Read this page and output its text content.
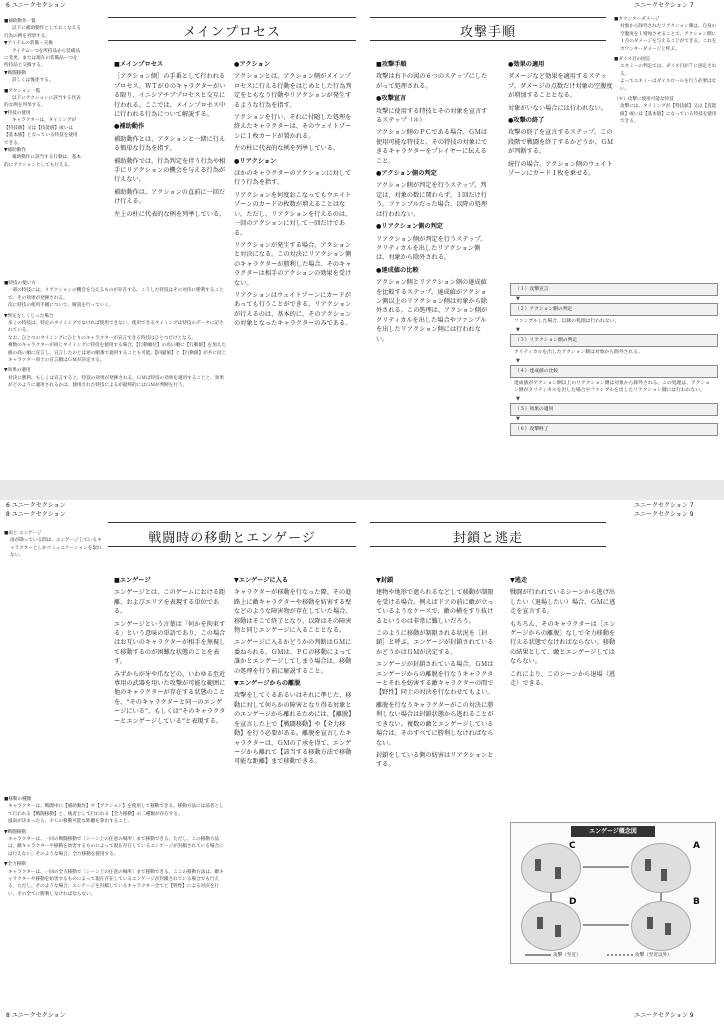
6 ユニークセクション
メインプロセス

■補助動作一覧

以下に補助動作としておこなえる

行為の例を列挙する。

▼アイテムの装備・交換

アイテムーつを所持品から装備品

に変更、または現在の装備品ーつを

所持品と交換する。

▼戦闘移動

詳しくは後述する。

■アクション一覧

以下にアクションに該当する代表

的な例を列挙する。

▼特技の使用

キャラクターは、タイミングが

【特技値】又は【技能値】或いは

【基本値】となっている特技を使用

できる。

▼補助動作

補助動作に該当する行動は、基本

的にアクションとしても行える。

■メインプロセス

［アクション側］の手番として行われるプロセス。ＷＴが０のキャラクターがいる限り、イニシアチブプロセスと交互に行われる。ここでは、メインプロセス中に行われる行為について解説する。

●補助動作

補助動作とは、アクションと一緒に行える簡単な行為を指す。

補助動作では、行為判定を伴う行為や相手にリアクションの機会を与える行為が行えない。

補助動作は、アクションの直前に一回だけ行える。

左上の柱に代表的な例を列挙している。

●アクション

アクションとは、アクション側がメインプロセスに行える行動をはじめとした行為判定をともなう行動やリアクションが発生するような行為を指す。

アクションを行い、それに付随した処理を終えたキャラクターは、そのウェイトゾーンに１枚カードが置かれる。

左の柱に代表的な例を列挙している。

●リアクション

ほかのキャラクターのアクションに対して行う行為を指す。

リアクションを何度おこなってもウエイトゾーンのカードの枚数が増えることはない。ただし、リアクションを行えるのは、一回のアクションに対して一回だけである。

リアクションが発生する場合、アクションと対決になる。この対決にリアクション側のキャラクターが勝利した場合、そのキャラクターは相手のアクションの効果を受けない。

リアクションはウェイトゾーンにカードがあっても行うことができる。リアクションが行えるのは、基本的に、そのアクションの対象となったキャラクターのみである。

■特技の使い方

一部の特技には、リアクションの機会を与えるものが存在する。こうした特技はその対決に勝利することで、その効果が発揮される。

次に特技の使用手順について、解説を行っていく。

▼判定をしくじった場合

多くの特技は、特定のタイミングでなければ使用できない。使用できるタイミングは特技のデータに記されている。

なお、ひとつのタイミングにひとりのキャラクターが宣言できる特技はひとつだけとなる。

複数のキャラクターが同じタイミングに特技を使用する場合、【行動順位】の高い順に【行動値】を加えた値の高い順に宣言し、宣言したのとは逆の順番で適用することも可能。【回避値】と【行動値】が共に同じキャラクター同士の宣言順はＧＭが決定する。

▼効果の適用

対決に勝利、もしくは宣言すると、特技の効果が発揮される。ＧＭは特技の効果を適用することと、効果がどのように適用されるかは、使用された特技によるが最終的にはＧＭが判断を行う。

ユニークセクション 7
攻撃手順

■攻撃手順

攻撃は右下の図の６つのステップにしたがって処理される。

●攻撃宣言

攻撃に使用する特技とその対象を宣言するステップ（＊）

アクション側のＰＣである場合、ＧＭは使用可能な特技と、その特技の対象にできるキャラクターをプレイヤーに伝えること。

●アクション側の判定

アクション側が判定を行うステップ。判定は、対象の数に関わらず、１回だけ行う。ファンブルだった場合、以降の処理は行われない。

●リアクション側の判定

リアクション側が判定を行うステップ。クリティカルを出したリアクション側は、対象から除外される。

●達成値の比較

アクション側とリアクション側の達成値を比較するステップ。達成値がアクション側以上のリアクション側は対象から除外される。この処理は、アクション側がクリティカルを出した場合やファンブルを出したリアクション側には行われない。

●効果の適用

ダメージなど効果を適用するステップ。ダメージの点数だけ対象の空腹度が増加することとなる。

対象がいない場合には行われない。

●攻撃の終了

攻撃の終了を宣言するステップ。この段階で戦闘を終了するかどうか、ＧＭが判断する。

続行の場合、アクション側のウェイトゾーンにカード１枚を乗せる。

■カウンターダメージ

対象から除外されたリアクション側は、自身の空腹度を１増加させることで、アクション側に１点のダメージを与えることができる。これをカウンターダメージと呼ぶ。

■ダイス目の固定

エネミーの判定では、ダイス目が７に固定される。

よってエネミーはダイスロールを行う必要はない。

（＊）攻撃に使用可能な特技

攻撃には、タイミングが【特技値】又は【技能値】或いは【基本値】になっている特技を使用できる。

（１）攻撃宣言
▼
（２）アクション側の判定
ファンブルした場合、以降の処理は行われない。
▼
（３）リアクション側の判定
クリティカルを出したアクション側は対象から除外される。
▼
（４）達成値の比較
達成値がアクション側以上のリアクション側は対象から除外される。この処理は、アクション側がクリティカルを出した場合やファンブルを出したリアクション側には行われない。
▼
（５）効果の適用
▼
（６）攻撃終了
6 ユニークセクション
8 ユニークセクション
戦闘時の移動とエンゲージ

■雨と エンゲージ

雨が降っている間は、エンゲージしているキャラクターとしかコミュニケーションを取れない。

■エンゲージ

エンゲージとは、このゲームにおける距離、およびエリアを表現する単位である。

エンゲージという言葉は「何かを拘束する」という意味の単語であり、この場合はお互いのキャラクターが相手を無視して移動するのが困難な状態のことを表す。

みずからが牙や爪などの、いわゆる至近専用の武器を用いた攻撃が可能な範囲に他のキャラクターが存在する状態のことを、“そのキャラクターと同一のエンゲージにいる”、もしくは“そのキャラクターとエンゲージしている”と表現する。

▼エンゲージに入る

キャラクターが移動を行なった際、その進路上に敵キャラクターや移動を妨害する壁などのような障害物が存在していた場合、移動はそこで終了となり、以降はその障害物と同じエンゲージに入ることとなる。

エンゲージに入るかどうかの判断はＧＭに委ねられる。ＧＭは、ＰＣの移動によって誰かとエンゲージしてしまう場合は、移動の処理を行う前に解説すること。

▼エンゲージからの離脱

攻撃をしてくるあるいはそれに準じた、移動に対して何らかの障害となり得る対象とのエンゲージから離れるためには、【離脱】を宣言した上で【戦闘移動】や【全力移動】を行う必要がある。離脱を宣言したキャラクターは、ＧＭの了承を得て、エンゲージから離れて【該当する移動方法で移動可能な距離】まで移動できる。

■移動の種類

キャラクターは、戦闘中に【補助動作】や【アクション】を使用して移動できる。移動方法には前者として行われる【戦闘移動】と、後者として行われる【全力移動】の二種類が存在する。

風雨が決まったら、ＰＣの移動可能な距離を算出すること。

▼戦闘移動

キャラクターは、一回の戦闘移動で［シーン上の任意の場所］まで移動できる。ただし、この移動方法は、敵キャラクターや移動を妨害するものによって現在存在しているエンゲージが封鎖されている場合には行えない。そのような場合、全力移動を使用する。

▼全力移動

キャラクターは、一回の全力移動で［シーン上の任意の場所］まで移動できる。ここの移動方法は、敵キャラクターや移動を妨害するものによって現在存在しているエンゲージが封鎖されている場合でも行える。ただし、そのような場合、エンゲージを封鎖しているキャラクター全てと【野性】による対決を行い、その全てに勝利しなければならない。

8 ユニークセクション
ユニークセクション 7
ユニークセクション 9
封鎖と逃走

▼封鎖

建物や地形で遮られるなどして移動が制限を受ける場合。例えばドアの前に敵が立っているようなケースで、敵の横をすり抜けるというのは非常に難しいだろう。

このように移動が制限される状況を［封鎖］と呼ぶ。エンゲージが封鎖されているかどうかはＧＭが決定する。

エンゲージが封鎖されている場合、ＧＭはエンゲージからの離脱を行なうキャラクターとそれを妨害する敵キャラクターの間で【野性】同士の対決を行なわせてもよい。

離脱を行なうキャラクターがこの対決に勝利しない場合は封鎖状態から逃れることができない。複数の敵とエンゲージしている場合は、そのすべてに勝利しなければならない。

封鎖をしている側の妨害はリアクションとする。

▼逃走

戦闘が行われているシーンから逃げ出したい（退場したい）場合、ＧＭに逃走を宣言する。

もちろん、そのキャラクターは［エンゲージからの離脱］なしで全力移動を行える状態でなければならない。移動の結果として、敵とエンゲージしてはならない。

これにより、このシーンから退場（逃走）できる。

エンゲージ概念図
C	A
D	B
攻撃（至近）	攻撃（至近以外）
ユニークセクション 9
